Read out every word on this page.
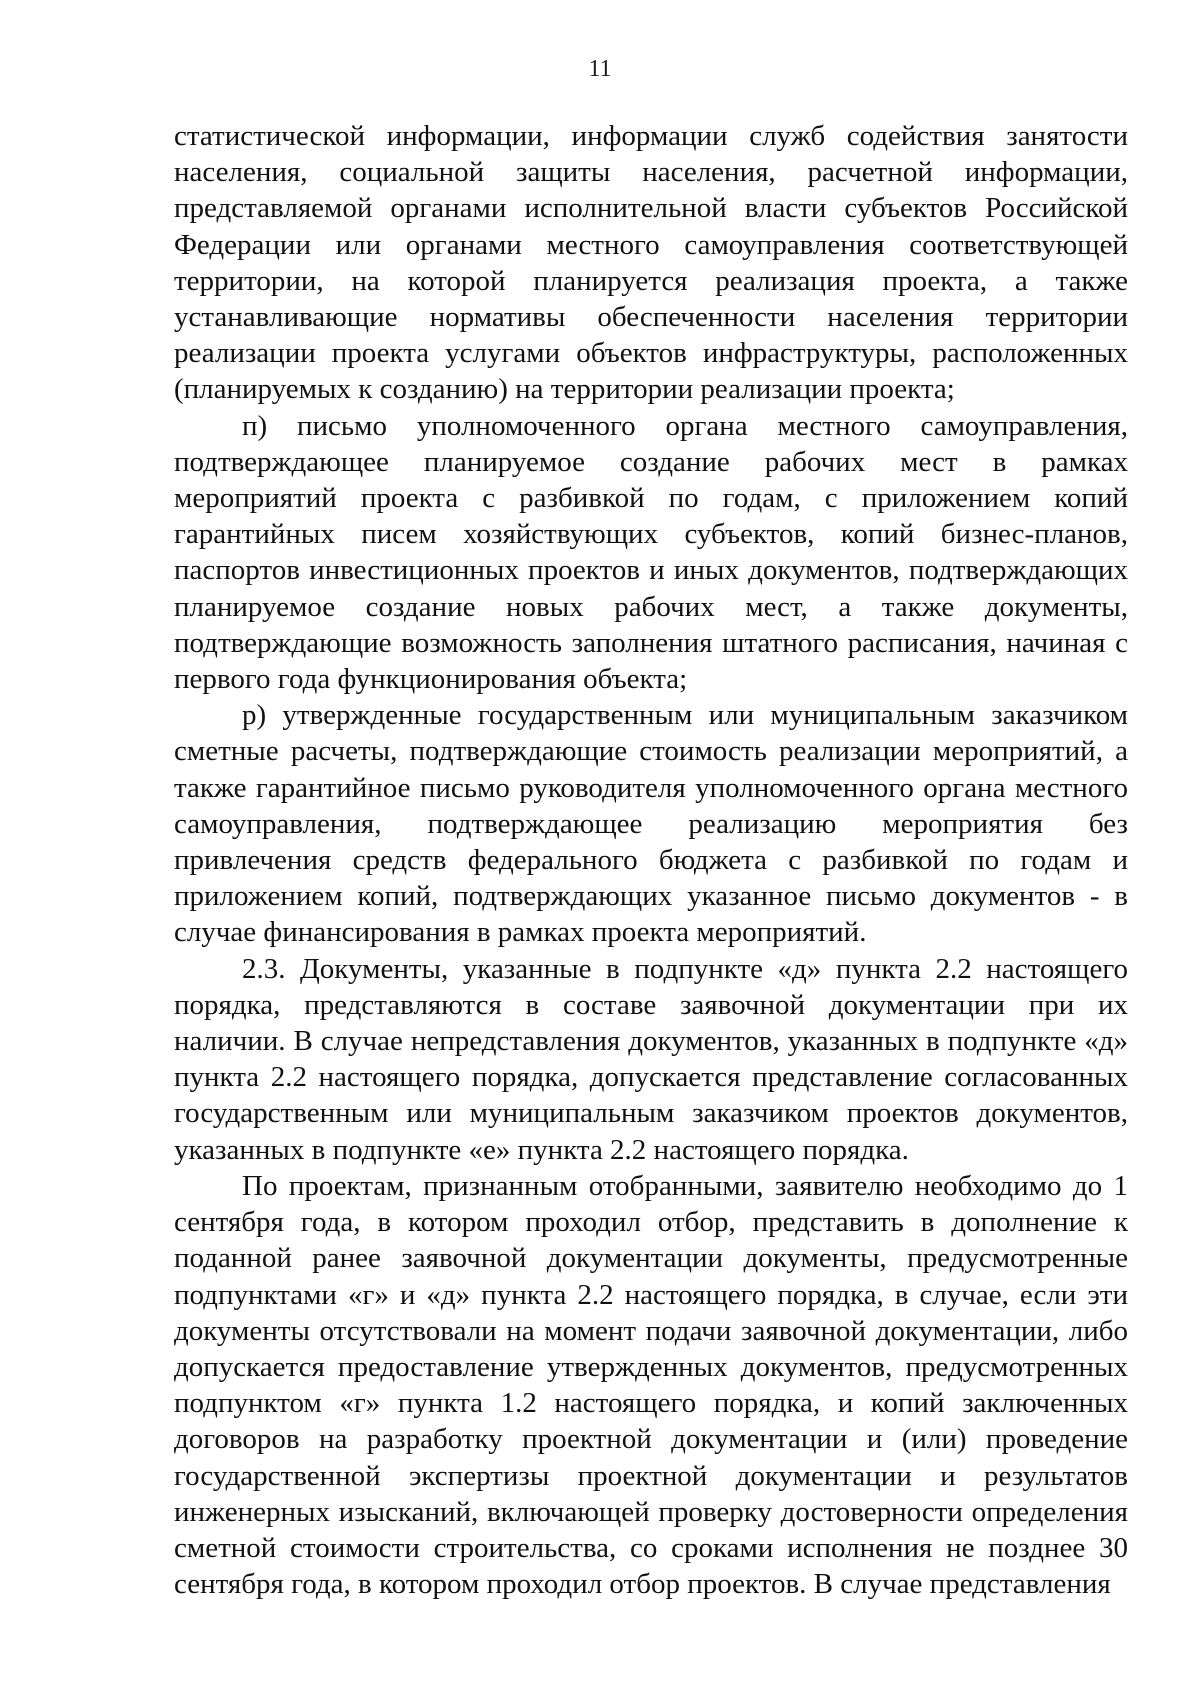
11

статистической информации, информации служб содействия занятости населения, социальной защиты населения, расчетной информации, представляемой органами исполнительной власти субъектов Российской Федерации или органами местного самоуправления соответствующей территории, на которой планируется реализация проекта, а также устанавливающие нормативы обеспеченности населения территории реализации проекта услугами объектов инфраструктуры, расположенных (планируемых к созданию) на территории реализации проекта;

п) письмо уполномоченного органа местного самоуправления, подтверждающее планируемое создание рабочих мест в рамках мероприятий проекта с разбивкой по годам, с приложением копий гарантийных писем хозяйствующих субъектов, копий бизнес-планов, паспортов инвестиционных проектов и иных документов, подтверждающих планируемое создание новых рабочих мест, а также документы, подтверждающие возможность заполнения штатного расписания, начиная с первого года функционирования объекта;

р) утвержденные государственным или муниципальным заказчиком сметные расчеты, подтверждающие стоимость реализации мероприятий, а также гарантийное письмо руководителя уполномоченного органа местного самоуправления, подтверждающее реализацию мероприятия без привлечения средств федерального бюджета с разбивкой по годам и приложением копий, подтверждающих указанное письмо документов - в случае финансирования в рамках проекта мероприятий.

2.3. Документы, указанные в подпункте «д» пункта 2.2 настоящего порядка, представляются в составе заявочной документации при их наличии. В случае непредставления документов, указанных в подпункте «д» пункта 2.2 настоящего порядка, допускается представление согласованных государственным или муниципальным заказчиком проектов документов, указанных в подпункте «е» пункта 2.2 настоящего порядка.

По проектам, признанным отобранными, заявителю необходимо до 1 сентября года, в котором проходил отбор, представить в дополнение к поданной ранее заявочной документации документы, предусмотренные подпунктами «г» и «д» пункта 2.2 настоящего порядка, в случае, если эти документы отсутствовали на момент подачи заявочной документации, либо допускается предоставление утвержденных документов, предусмотренных подпунктом «г» пункта 1.2 настоящего порядка, и копий заключенных договоров на разработку проектной документации и (или) проведение государственной экспертизы проектной документации и результатов инженерных изысканий, включающей проверку достоверности определения сметной стоимости строительства, со сроками исполнения не позднее 30 сентября года, в котором проходил отбор проектов. В случае представления
